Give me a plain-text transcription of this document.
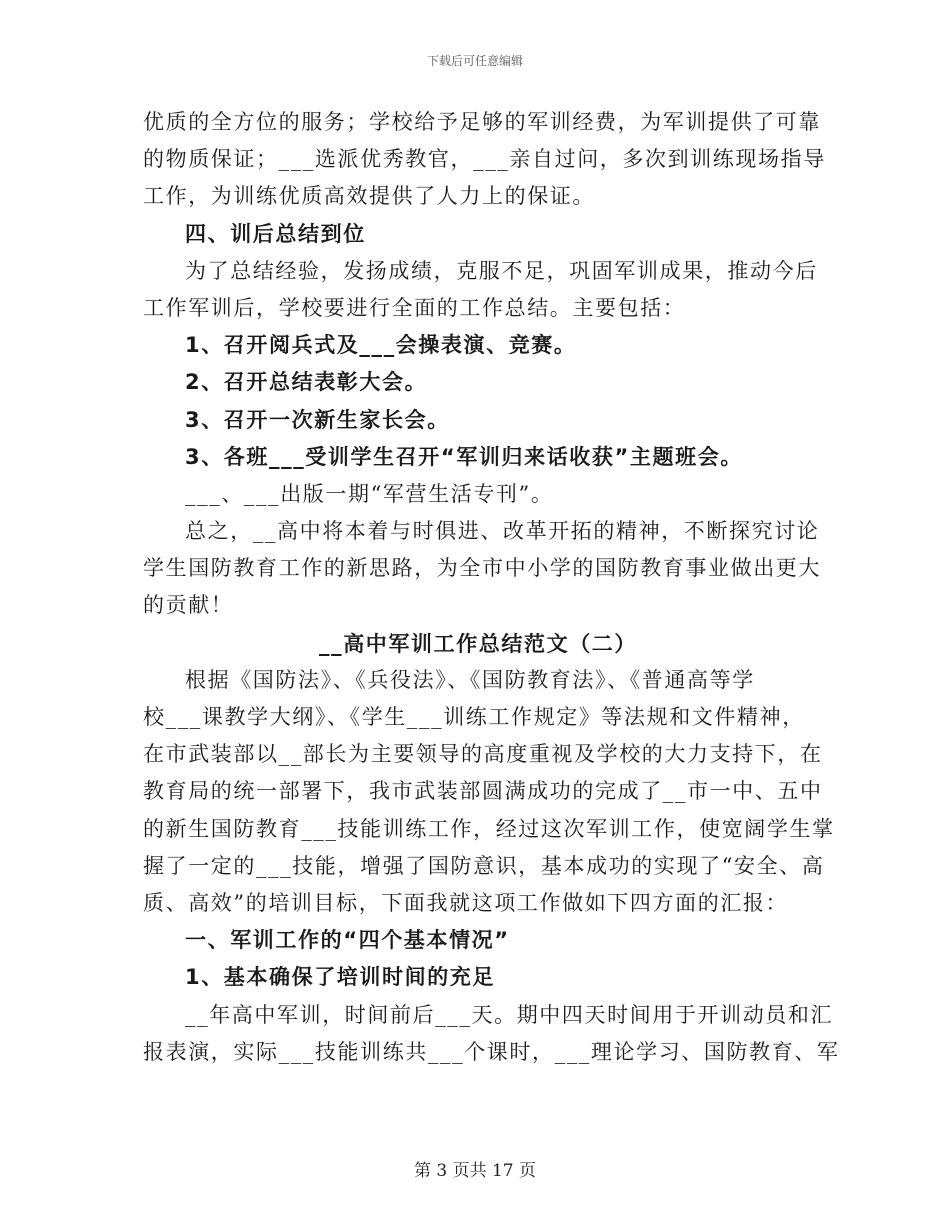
下载后可任意编辑
优质的全方位的服务；学校给予足够的军训经费，为军训提供了可靠
的物质保证；___选派优秀教官，___亲自过问，多次到训练现场指导
工作，为训练优质高效提供了人力上的保证。
四、训后总结到位
为了总结经验，发扬成绩，克服不足，巩固军训成果，推动今后
工作军训后，学校要进行全面的工作总结。主要包括：
1、召开阅兵式及___会操表演、竞赛。
2、召开总结表彰大会。
3、召开一次新生家长会。
3、各班___受训学生召开“军训归来话收获”主题班会。
___、___出版一期“军营生活专刊”。
总之，__高中将本着与时俱进、改革开拓的精神，不断探究讨论
学生国防教育工作的新思路，为全市中小学的国防教育事业做出更大
的贡献！
__高中军训工作总结范文（二）
根据《国防法》、《兵役法》、《国防教育法》、《普通高等学
校___课教学大纲》、《学生___训练工作规定》等法规和文件精神，
在市武装部以__部长为主要领导的高度重视及学校的大力支持下，在
教育局的统一部署下，我市武装部圆满成功的完成了__市一中、五中
的新生国防教育___技能训练工作，经过这次军训工作，使宽阔学生掌
握了一定的___技能，增强了国防意识，基本成功的实现了“安全、高
质、高效”的培训目标，下面我就这项工作做如下四方面的汇报：
一、军训工作的“四个基本情况”
1、基本确保了培训时间的充足
__年高中军训，时间前后___天。期中四天时间用于开训动员和汇
报表演，实际___技能训练共___个课时，___理论学习、国防教育、军
第 3 页共 17 页
